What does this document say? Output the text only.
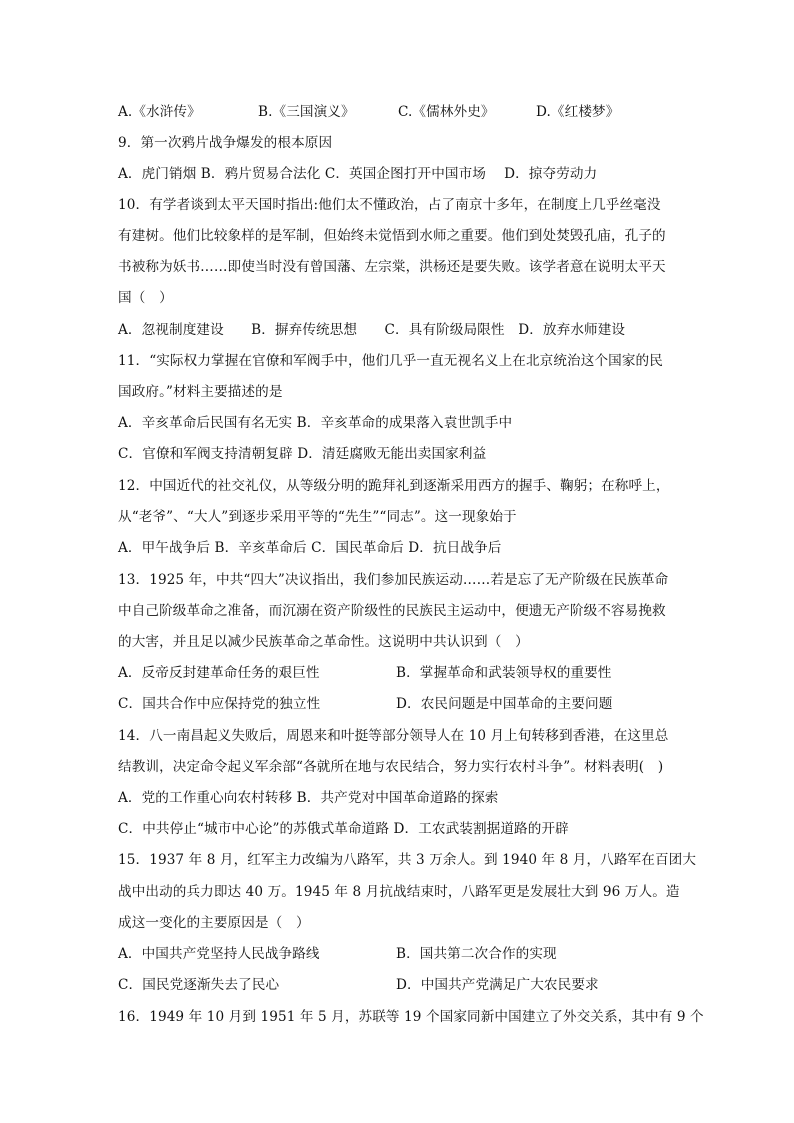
A.《水浒传》	B.《三国演义》	C.《儒林外史》	D.《红楼梦》
9．第一次鸦片战争爆发的根本原因
A．虎门销烟 B．鸦片贸易合法化 C．英国企图打开中国市场　 D．掠夺劳动力
10．有学者谈到太平天国时指出:他们太不懂政治，占了南京十多年，在制度上几乎丝毫没
有建树。他们比较象样的是军制，但始终未觉悟到水师之重要。他们到处焚毁孔庙，孔子的
书被称为妖书……即使当时没有曾国藩、左宗棠，洪杨还是要失败。该学者意在说明太平天
国（　）
A．忽视制度建设　　B．摒弃传统思想　　C．具有阶级局限性　D．放弃水师建设
11．“实际权力掌握在官僚和军阀手中，他们几乎一直无视名义上在北京统治这个国家的民
国政府。”材料主要描述的是
A．辛亥革命后民国有名无实 B．辛亥革命的成果落入袁世凯手中
C．官僚和军阀支持清朝复辟 D．清廷腐败无能出卖国家利益
12．中国近代的社交礼仪，从等级分明的跪拜礼到逐渐采用西方的握手、鞠躬；在称呼上，
从“老爷”、“大人”到逐步采用平等的“先生”“同志”。这一现象始于
A．甲午战争后 B．辛亥革命后 C．国民革命后 D．抗日战争后
13．1925 年，中共“四大”决议指出，我们参加民族运动……若是忘了无产阶级在民族革命
中自己阶级革命之准备，而沉溺在资产阶级性的民族民主运动中，便遗无产阶级不容易挽救
的大害，并且足以减少民族革命之革命性。这说明中共认识到（　）
A．反帝反封建革命任务的艰巨性	B．掌握革命和武装领导权的重要性
C．国共合作中应保持党的独立性	D．农民问题是中国革命的主要问题
14．八一南昌起义失败后，周恩来和叶挺等部分领导人在 10 月上旬转移到香港，在这里总
结教训，决定命令起义军余部“各就所在地与农民结合，努力实行农村斗争”。材料表明(　)
A．党的工作重心向农村转移 B．共产党对中国革命道路的探索
C．中共停止“城市中心论”的苏俄式革命道路 D．工农武装割据道路的开辟
15．1937 年 8 月，红军主力改编为八路军，共 3 万余人。到 1940 年 8 月，八路军在百团大
战中出动的兵力即达 40 万。1945 年 8 月抗战结束时，八路军更是发展壮大到 96 万人。造
成这一变化的主要原因是（　）
A．中国共产党坚持人民战争路线	B．国共第二次合作的实现
C．国民党逐渐失去了民心	D．中国共产党满足广大农民要求
16．1949 年 10 月到 1951 年 5 月，苏联等 19 个国家同新中国建立了外交关系，其中有 9 个
